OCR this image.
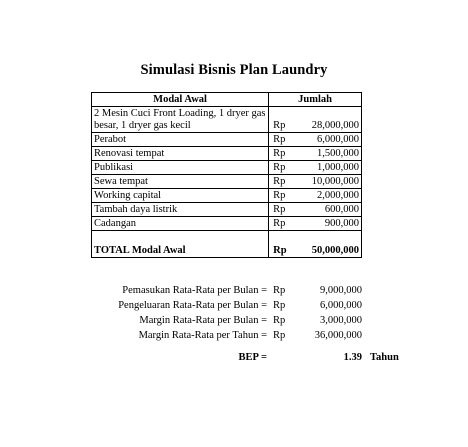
Simulasi Bisnis Plan Laundry
Modal Awal	Jumlah	
2 Mesin Cuci Front Loading, 1 dryer gas besar, 1 dryer gas kecil	Rp	28,000,000
Perabot	Rp	6,000,000
Renovasi tempat	Rp	1,500,000
Publikasi	Rp	1,000,000
Sewa tempat	Rp	10,000,000
Working capital	Rp	2,000,000
Tambah daya listrik	Rp	600,000
Cadangan	Rp	900,000
TOTAL Modal Awal	Rp	50,000,000
Pemasukan Rata-Rata per Bulan = Rp	9,000,000
Pengeluaran Rata-Rata per Bulan = Rp	6,000,000
Margin Rata-Rata per Bulan = Rp	3,000,000
Margin Rata-Rata per Tahun = Rp	36,000,000
BEP =	1.39 Tahun
